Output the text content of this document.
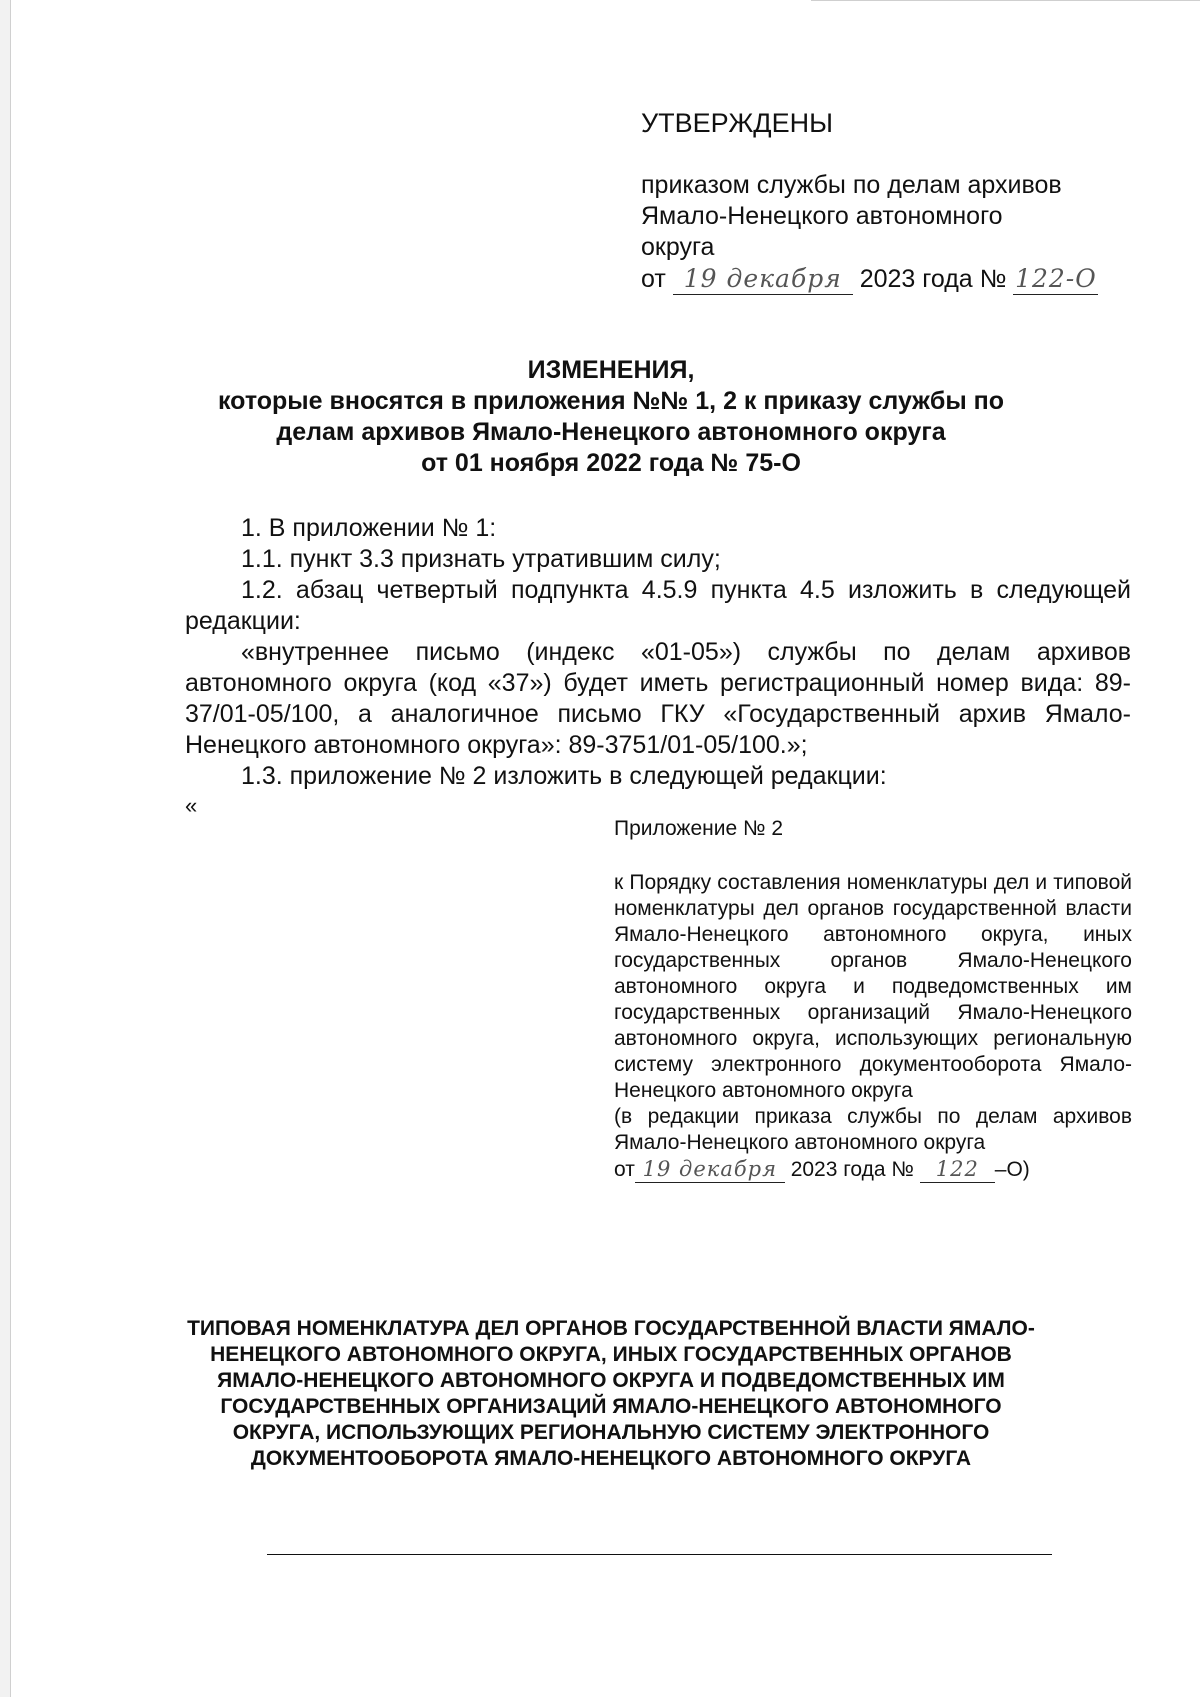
УТВЕРЖДЕНЫ
приказом службы по делам архивов
Ямало-Ненецкого автономного
округа
от
19 декабря
2023 года №
122-О
ИЗМЕНЕНИЯ,
которые вносятся в приложения №№ 1, 2 к приказу службы по делам архивов Ямало-Ненецкого автономного округа
от 01 ноября 2022 года № 75-О

1. В приложении № 1:

1.1. пункт 3.3 признать утратившим силу;

1.2. абзац четвертый подпункта 4.5.9 пункта 4.5 изложить в следующей редакции:

«внутреннее письмо (индекс «01-05») службы по делам архивов автономного округа (код «37») будет иметь регистрационный номер вида: 89-37/01-05/100, а аналогичное письмо ГКУ «Государственный архив Ямало-Ненецкого автономного округа»: 89-3751/01-05/100.»;

1.3. приложение № 2 изложить в следующей редакции:

«
Приложение № 2

к Порядку составления номенклатуры дел и типовой номенклатуры дел органов государственной власти Ямало-Ненецкого автономного округа, иных государственных органов Ямало-Ненецкого автономного округа и подведомственных им государственных организаций Ямало-Ненецкого автономного округа, использующих региональную систему электронного документооборота Ямало-Ненецкого автономного округа

(в редакции приказа службы по делам архивов Ямало-Ненецкого автономного округа

от 19 декабря
2023 года №
	122 –О)
ТИПОВАЯ НОМЕНКЛАТУРА ДЕЛ ОРГАНОВ ГОСУДАРСТВЕННОЙ ВЛАСТИ ЯМАЛО-НЕНЕЦКОГО АВТОНОМНОГО ОКРУГА, ИНЫХ ГОСУДАРСТВЕННЫХ ОРГАНОВ ЯМАЛО-НЕНЕЦКОГО АВТОНОМНОГО ОКРУГА И ПОДВЕДОМСТВЕННЫХ ИМ ГОСУДАРСТВЕННЫХ ОРГАНИЗАЦИЙ ЯМАЛО-НЕНЕЦКОГО АВТОНОМНОГО ОКРУГА, ИСПОЛЬЗУЮЩИХ РЕГИОНАЛЬНУЮ СИСТЕМУ ЭЛЕКТРОННОГО ДОКУМЕНТООБОРОТА ЯМАЛО-НЕНЕЦКОГО АВТОНОМНОГО ОКРУГА
